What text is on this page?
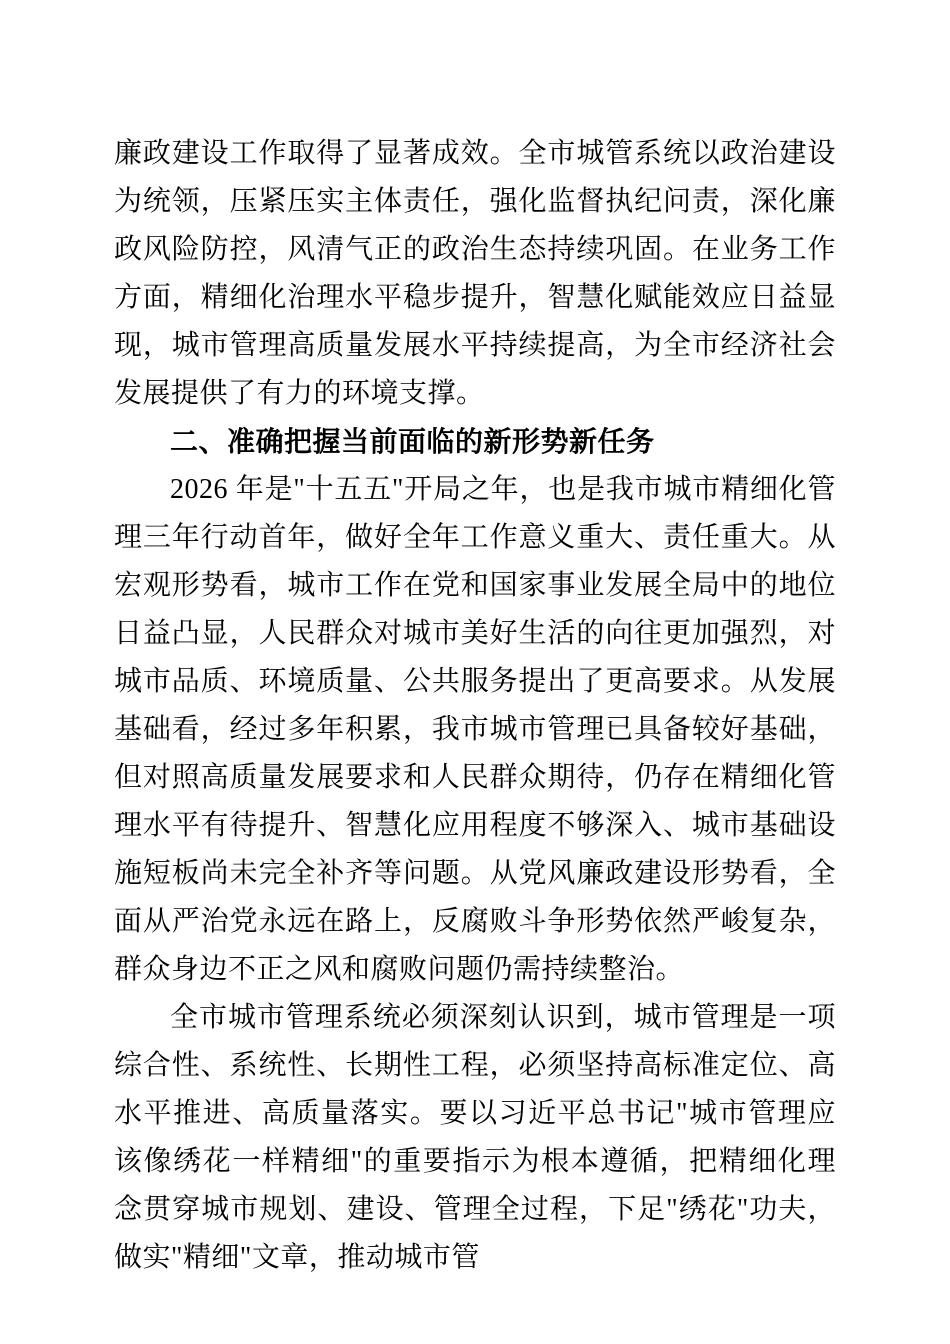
廉政建设工作取得了显著成效。全市城管系统以政治建设为统领，压紧压实主体责任，强化监督执纪问责，深化廉政风险防控，风清气正的政治生态持续巩固。在业务工作方面，精细化治理水平稳步提升，智慧化赋能效应日益显现，城市管理高质量发展水平持续提高，为全市经济社会发展提供了有力的环境支撑。

二、准确把握当前面临的新形势新任务

2026 年是"十五五"开局之年，也是我市城市精细化管理三年行动首年，做好全年工作意义重大、责任重大。从宏观形势看，城市工作在党和国家事业发展全局中的地位日益凸显，人民群众对城市美好生活的向往更加强烈，对城市品质、环境质量、公共服务提出了更高要求。从发展基础看，经过多年积累，我市城市管理已具备较好基础，但对照高质量发展要求和人民群众期待，仍存在精细化管理水平有待提升、智慧化应用程度不够深入、城市基础设施短板尚未完全补齐等问题。从党风廉政建设形势看，全面从严治党永远在路上，反腐败斗争形势依然严峻复杂，群众身边不正之风和腐败问题仍需持续整治。

全市城市管理系统必须深刻认识到，城市管理是一项综合性、系统性、长期性工程，必须坚持高标准定位、高水平推进、高质量落实。要以习近平总书记"城市管理应该像绣花一样精细"的重要指示为根本遵循，把精细化理念贯穿城市规划、建设、管理全过程，下足"绣花"功夫，做实"精细"文章，推动城市管
